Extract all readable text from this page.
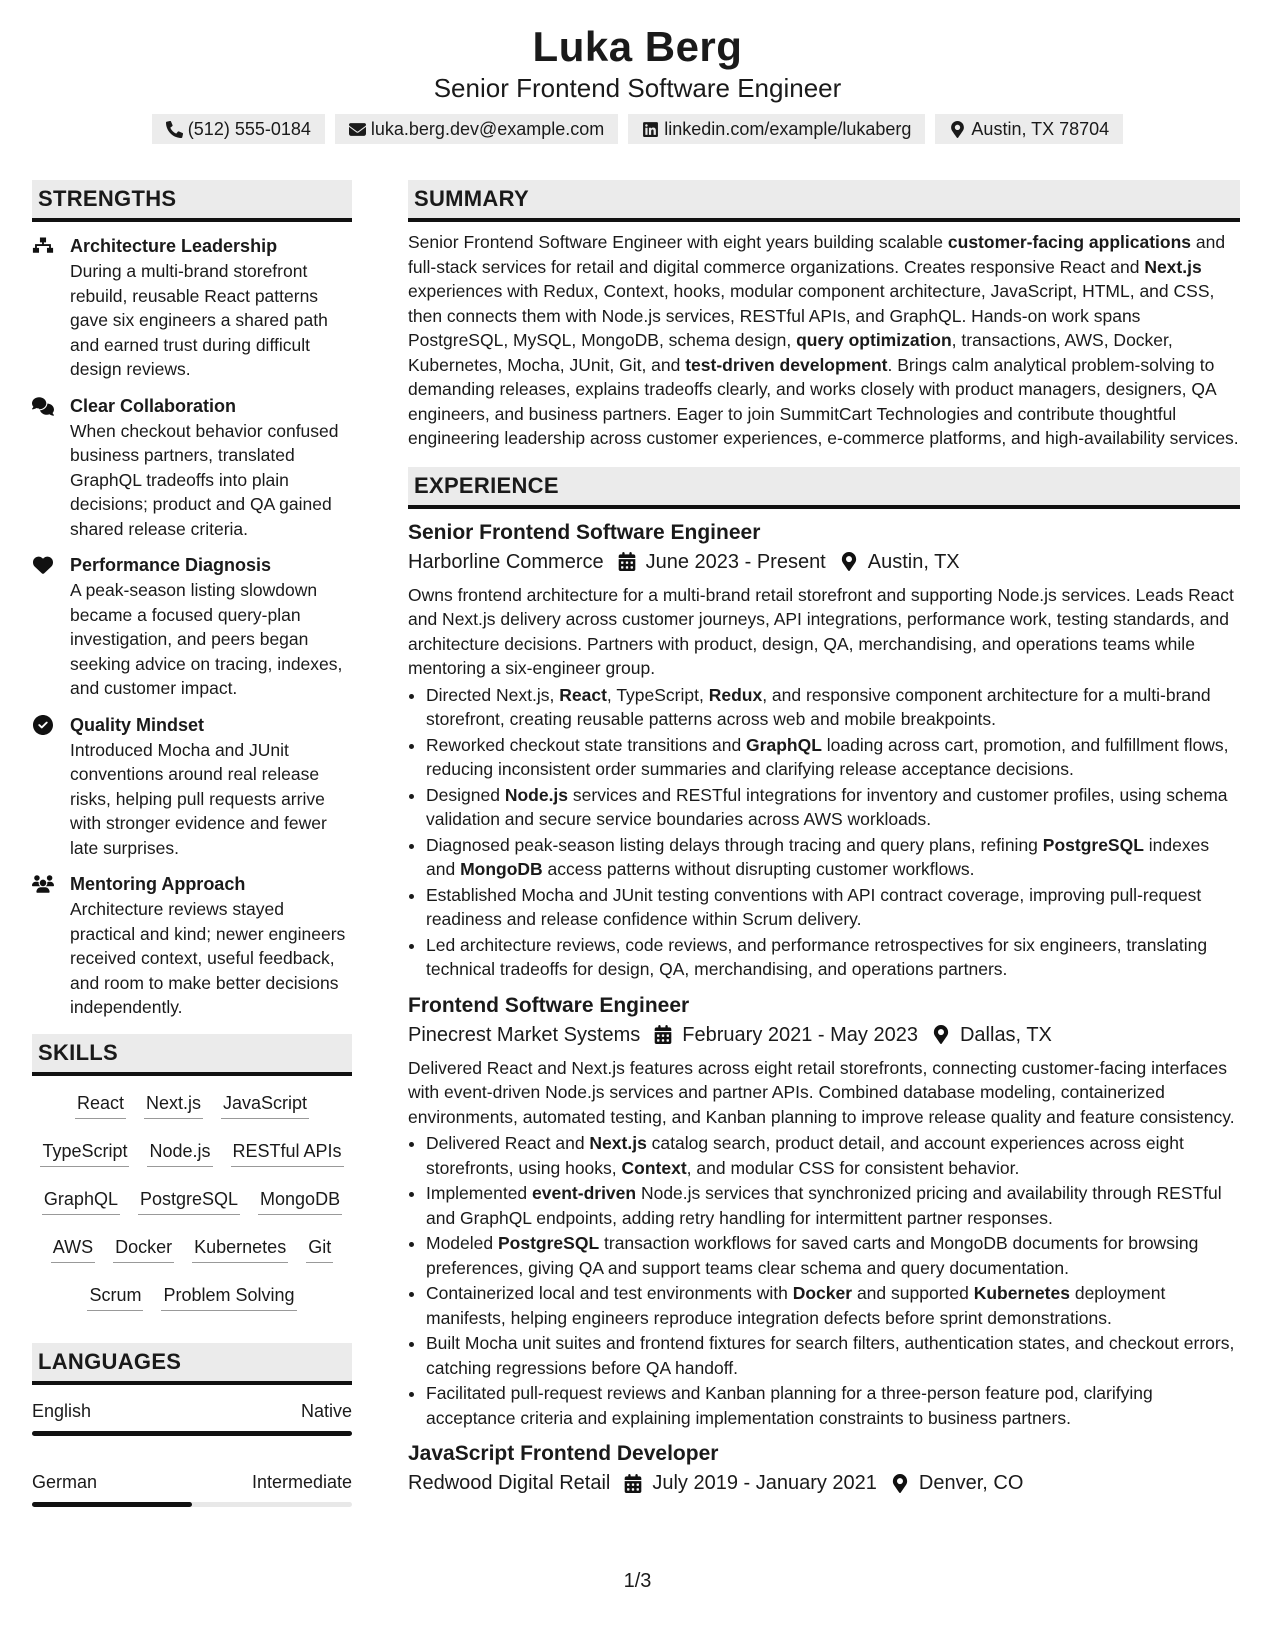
Luka Berg
Senior Frontend Software Engineer
(512) 555-0184	luka.berg.dev@example.com	linkedin.com/example/lukaberg	Austin, TX 78704
STRENGTHS
Architecture Leadership
During a multi-brand storefront rebuild, reusable React patterns gave six engineers a shared path and earned trust during difficult design reviews.
Clear Collaboration
When checkout behavior confused business partners, translated GraphQL tradeoffs into plain decisions; product and QA gained shared release criteria.
Performance Diagnosis
A peak-season listing slowdown became a focused query-plan investigation, and peers began seeking advice on tracing, indexes, and customer impact.
Quality Mindset
Introduced Mocha and JUnit conventions around real release risks, helping pull requests arrive with stronger evidence and fewer late surprises.
Mentoring Approach
Architecture reviews stayed practical and kind; newer engineers received context, useful feedback, and room to make better decisions independently.
SKILLS
React Next.js JavaScript
TypeScript Node.js RESTful APIs
GraphQL PostgreSQL MongoDB
AWS Docker Kubernetes Git
Scrum Problem Solving
LANGUAGES
English	Native
German	Intermediate
SUMMARY
Senior Frontend Software Engineer with eight years building scalable customer-facing applications and full-stack services for retail and digital commerce organizations. Creates responsive React and Next.js experiences with Redux, Context, hooks, modular component architecture, JavaScript, HTML, and CSS, then connects them with Node.js services, RESTful APIs, and GraphQL. Hands-on work spans PostgreSQL, MySQL, MongoDB, schema design, query optimization, transactions, AWS, Docker, Kubernetes, Mocha, JUnit, Git, and test-driven development. Brings calm analytical problem-solving to demanding releases, explains tradeoffs clearly, and works closely with product managers, designers, QA engineers, and business partners. Eager to join SummitCart Technologies and contribute thoughtful engineering leadership across customer experiences, e-commerce platforms, and high-availability services.
EXPERIENCE
Senior Frontend Software Engineer
Harborline Commerce June 2023 - Present Austin, TX
Owns frontend architecture for a multi-brand retail storefront and supporting Node.js services. Leads React and Next.js delivery across customer journeys, API integrations, performance work, testing standards, and architecture decisions. Partners with product, design, QA, merchandising, and operations teams while mentoring a six-engineer group.
• Directed Next.js, React, TypeScript, Redux, and responsive component architecture for a multi-brand storefront, creating reusable patterns across web and mobile breakpoints.
• Reworked checkout state transitions and GraphQL loading across cart, promotion, and fulfillment flows, reducing inconsistent order summaries and clarifying release acceptance decisions.
• Designed Node.js services and RESTful integrations for inventory and customer profiles, using schema validation and secure service boundaries across AWS workloads.
• Diagnosed peak-season listing delays through tracing and query plans, refining PostgreSQL indexes and MongoDB access patterns without disrupting customer workflows.
• Established Mocha and JUnit testing conventions with API contract coverage, improving pull-request readiness and release confidence within Scrum delivery.
• Led architecture reviews, code reviews, and performance retrospectives for six engineers, translating technical tradeoffs for design, QA, merchandising, and operations partners.
Frontend Software Engineer
Pinecrest Market Systems February 2021 - May 2023 Dallas, TX
Delivered React and Next.js features across eight retail storefronts, connecting customer-facing interfaces with event-driven Node.js services and partner APIs. Combined database modeling, containerized environments, automated testing, and Kanban planning to improve release quality and feature consistency.
• Delivered React and Next.js catalog search, product detail, and account experiences across eight storefronts, using hooks, Context, and modular CSS for consistent behavior.
• Implemented event-driven Node.js services that synchronized pricing and availability through RESTful and GraphQL endpoints, adding retry handling for intermittent partner responses.
• Modeled PostgreSQL transaction workflows for saved carts and MongoDB documents for browsing preferences, giving QA and support teams clear schema and query documentation.
• Containerized local and test environments with Docker and supported Kubernetes deployment manifests, helping engineers reproduce integration defects before sprint demonstrations.
• Built Mocha unit suites and frontend fixtures for search filters, authentication states, and checkout errors, catching regressions before QA handoff.
• Facilitated pull-request reviews and Kanban planning for a three-person feature pod, clarifying acceptance criteria and explaining implementation constraints to business partners.
JavaScript Frontend Developer
Redwood Digital Retail July 2019 - January 2021 Denver, CO
1/3
